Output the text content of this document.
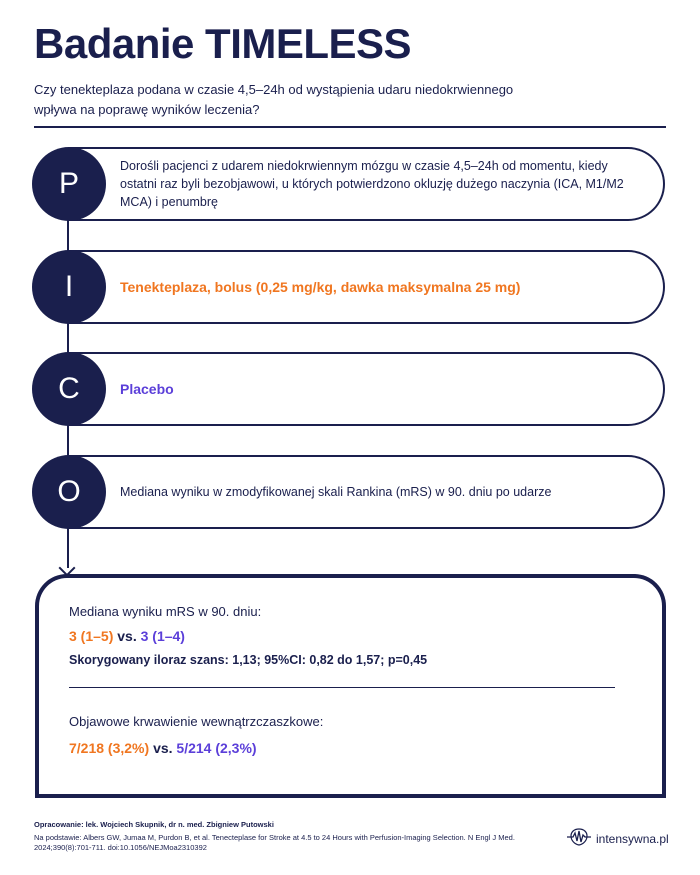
Badanie TIMELESS
Czy tenekteplaza podana w czasie 4,5–24h od wystąpienia udaru niedokrwiennego
wpływa na poprawę wyników leczenia?
P
Dorośli pacjenci z udarem niedokrwiennym mózgu w czasie 4,5–24h od momentu, kiedy ostatni raz byli bezobjawowi, u których potwierdzono okluzję dużego naczynia (ICA, M1/M2 MCA) i penumbrę
I	Tenekteplaza, bolus (0,25 mg/kg, dawka maksymalna 25 mg)
C	Placebo
O	Mediana wyniku w zmodyfikowanej skali Rankina (mRS) w 90. dniu po udarze
Mediana wyniku mRS w 90. dniu:
3 (1–5) vs. 3 (1–4)
Skorygowany iloraz szans: 1,13; 95%CI: 0,82 do 1,57; p=0,45
Objawowe krwawienie wewnątrzczaszkowe:
7/218 (3,2%) vs. 5/214 (2,3%)
Opracowanie: lek. Wojciech Skupnik, dr n. med. Zbigniew Putowski
Na podstawie: Albers GW, Jumaa M, Purdon B, et al. Tenecteplase for Stroke at 4.5 to 24 Hours with Perfusion-Imaging Selection. N Engl J Med.
2024;390(8):701-711. doi:10.1056/NEJMoa2310392
intensywna.pl
